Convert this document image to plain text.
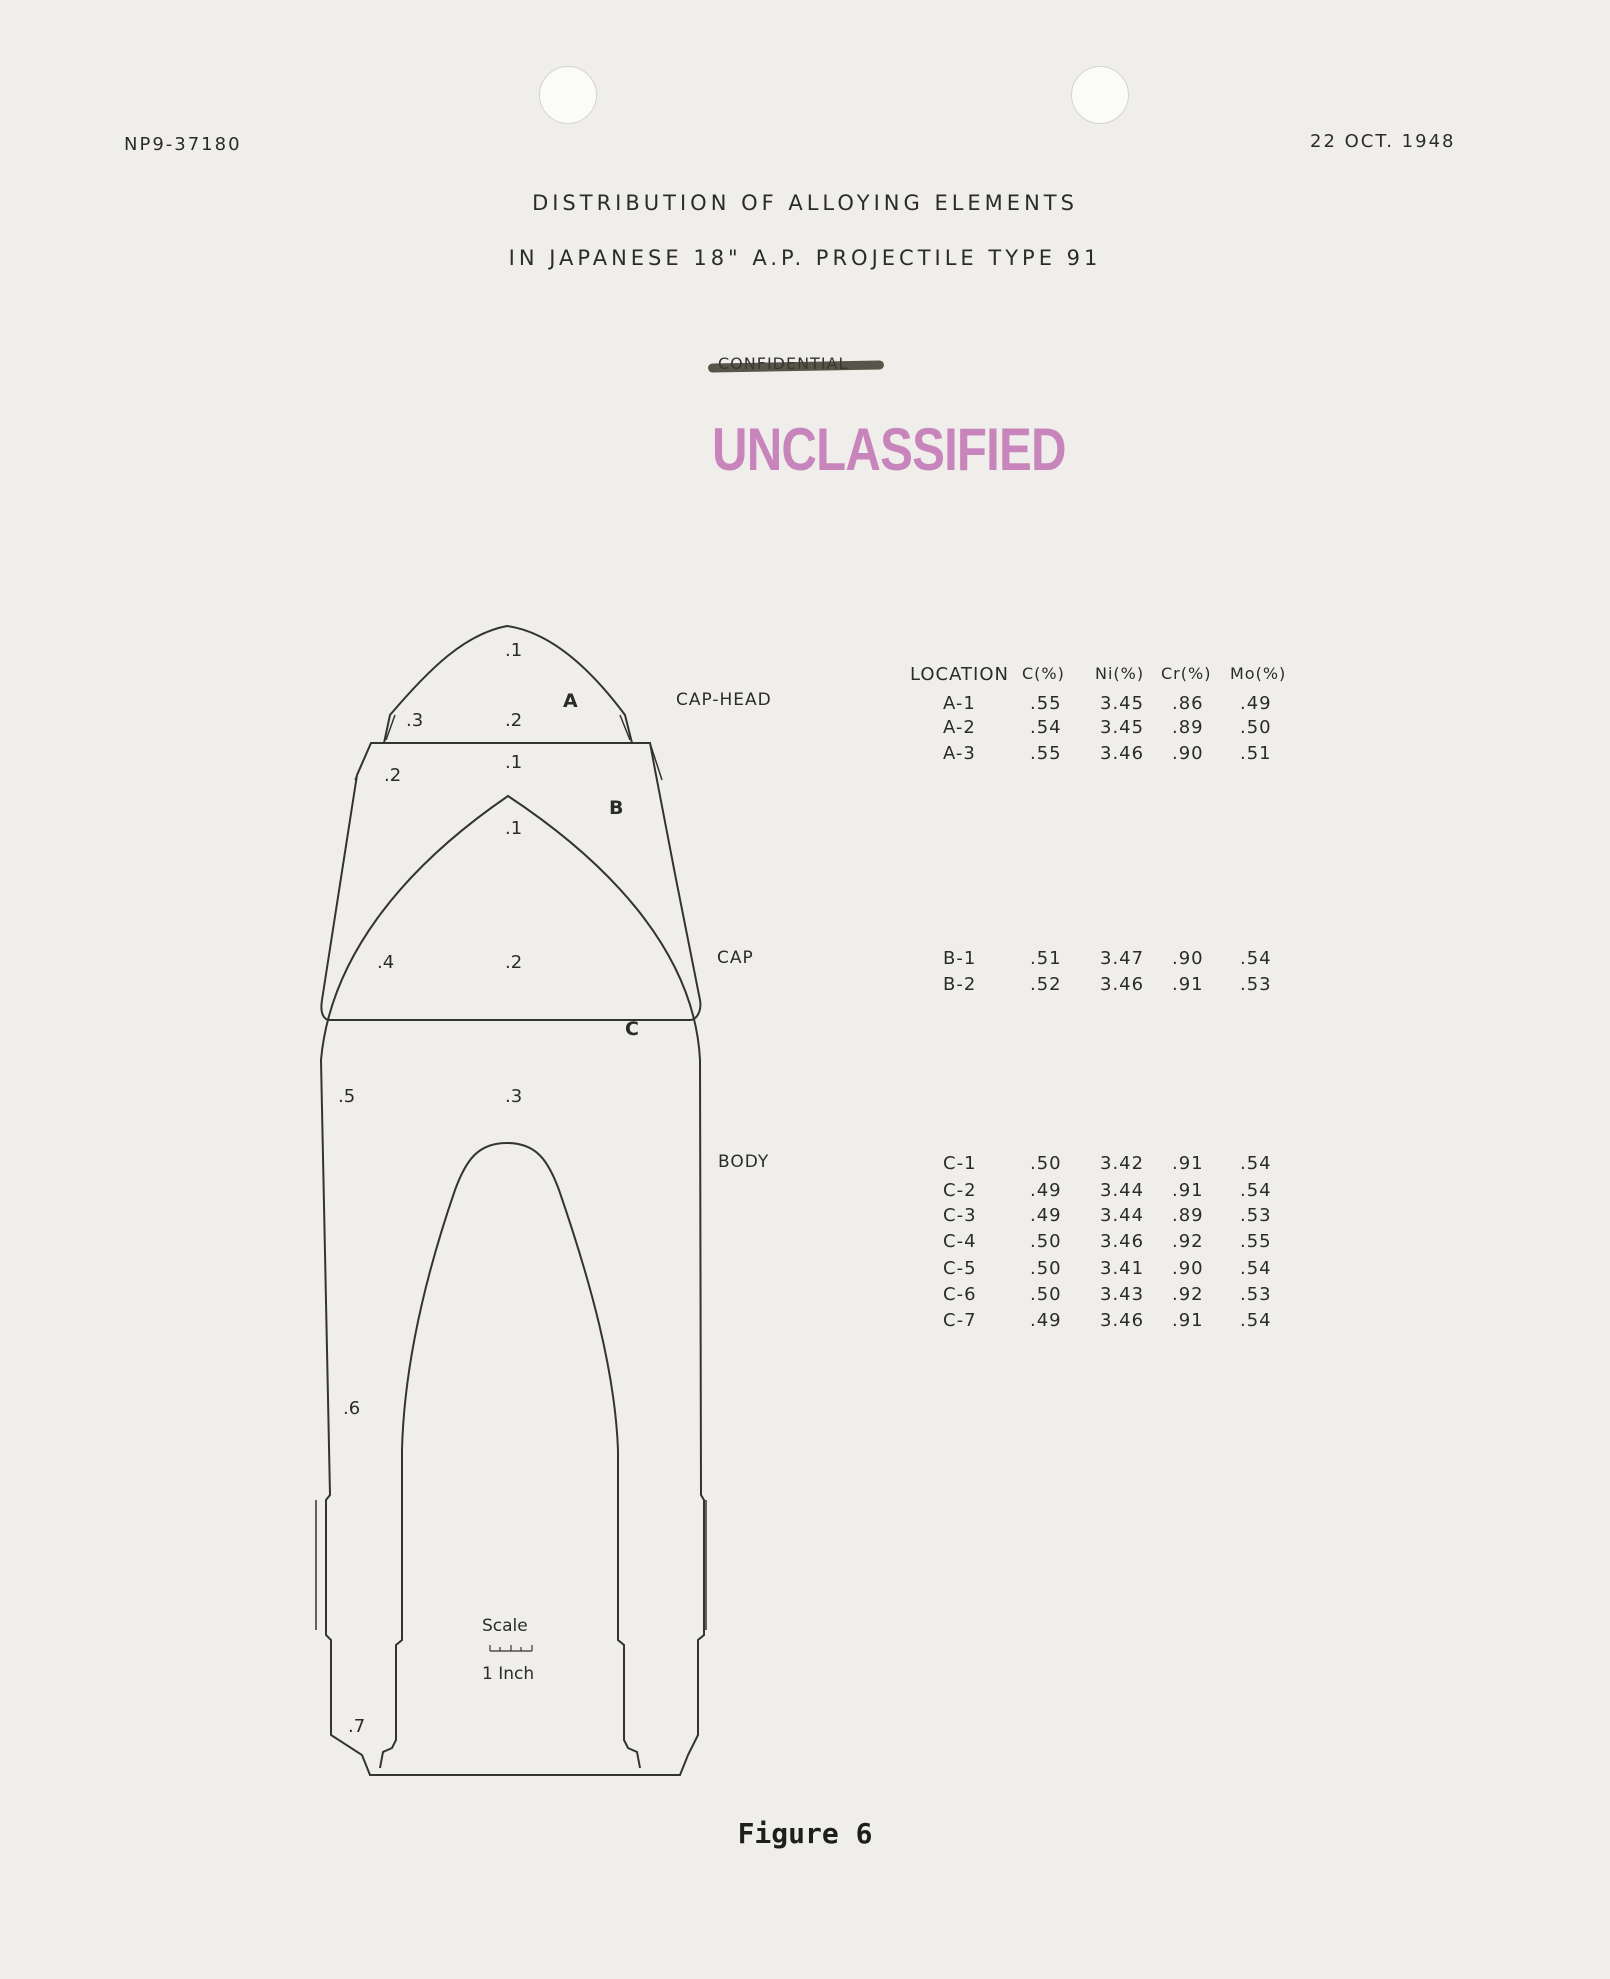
NP9-37180	22 OCT. 1948
DISTRIBUTION OF ALLOYING ELEMENTS
IN JAPANESE 18" A.P. PROJECTILE TYPE 91
UNCLASSIFIED
A
B
C
CAP-HEAD
CAP
BODY
.1
.2
.3
.1
.2
.1
.2
.3
.4
.5
.6
.7
Scale
1 Inch
LOCATION C(%) Ni(%) Cr(%) Mo(%)
A-1	.55 3.45 .86 .49
A-2	.54 3.45 .89 .50
A-3	.55 3.46 .90 .51
B-1	.51 3.47 .90 .54
B-2	.52 3.46 .91 .53
C-1	.50 3.42 .91 .54
C-2	.49 3.44 .91 .54
C-3	.49 3.44 .89 .53
C-4	.50 3.46 .92 .55
C-5	.50 3.41 .90 .54
C-6	.50 3.43 .92 .53
C-7	.49 3.46 .91 .54
Figure 6
